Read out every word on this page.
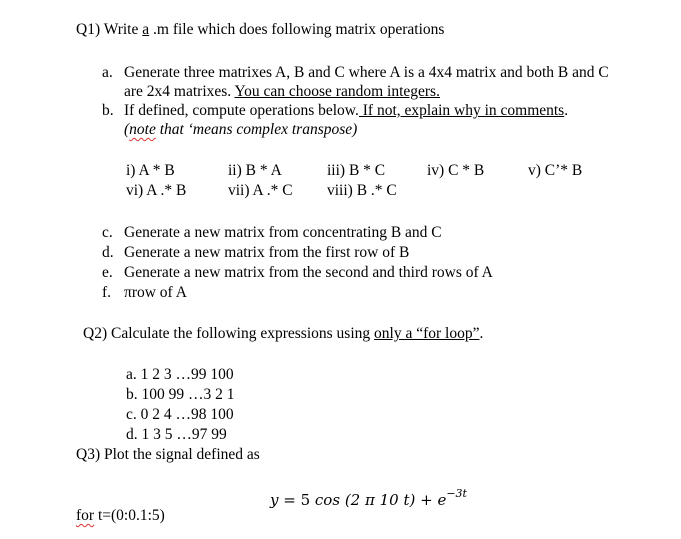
Q1) Write a .m file which does following matrix operations
a. Generate three matrixes A, B and C where A is a 4x4 matrix and both B and C
are 2x4 matrixes. You can choose random integers.
b. If defined, compute operations below. If not, explain why in comments.
(note that ‘means complex transpose)
i) A * B	ii) B * A	iii) B * C	iv) C * B	v) C’* B
vi) A .* B	vii) A .* C viii) B .* C
c. Generate a new matrix from concentrating B and C
d. Generate a new matrix from the first row of B
e. Generate a new matrix from the second and third rows of A
f. πrow of A
Q2) Calculate the following expressions using only a “for loop”.
a. 1 2 3 …99 100
b. 100 99 …3 2 1
c. 0 2 4 …98 100
d. 1 3 5 …97 99
Q3) Plot the signal defined as
y = 5 cos (2 π 10 $t) + e^{-3t}$
for t=(0:0.1:5)
